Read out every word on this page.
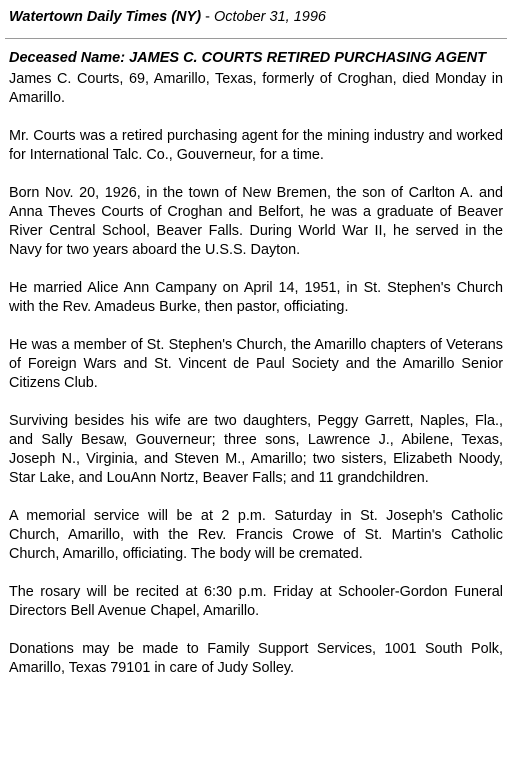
Watertown Daily Times (NY) - October 31, 1996
Deceased Name: JAMES C. COURTS RETIRED PURCHASING AGENT

James C. Courts, 69, Amarillo, Texas, formerly of Croghan, died Monday in Amarillo.

Mr. Courts was a retired purchasing agent for the mining industry and worked for International Talc. Co., Gouverneur, for a time.

Born Nov. 20, 1926, in the town of New Bremen, the son of Carlton A. and Anna Theves Courts of Croghan and Belfort, he was a graduate of Beaver River Central School, Beaver Falls. During World War II, he served in the Navy for two years aboard the U.S.S. Dayton.

He married Alice Ann Campany on April 14, 1951, in St. Stephen's Church with the Rev. Amadeus Burke, then pastor, officiating.

He was a member of St. Stephen's Church, the Amarillo chapters of Veterans of Foreign Wars and St. Vincent de Paul Society and the Amarillo Senior Citizens Club.

Surviving besides his wife are two daughters, Peggy Garrett, Naples, Fla., and Sally Besaw, Gouverneur; three sons, Lawrence J., Abilene, Texas, Joseph N., Virginia, and Steven M., Amarillo; two sisters, Elizabeth Noody, Star Lake, and LouAnn Nortz, Beaver Falls; and 11 grandchildren.

A memorial service will be at 2 p.m. Saturday in St. Joseph's Catholic Church, Amarillo, with the Rev. Francis Crowe of St. Martin's Catholic Church, Amarillo, officiating. The body will be cremated.

The rosary will be recited at 6:30 p.m. Friday at Schooler-Gordon Funeral Directors Bell Avenue Chapel, Amarillo.

Donations may be made to Family Support Services, 1001 South Polk, Amarillo, Texas 79101 in care of Judy Solley.
